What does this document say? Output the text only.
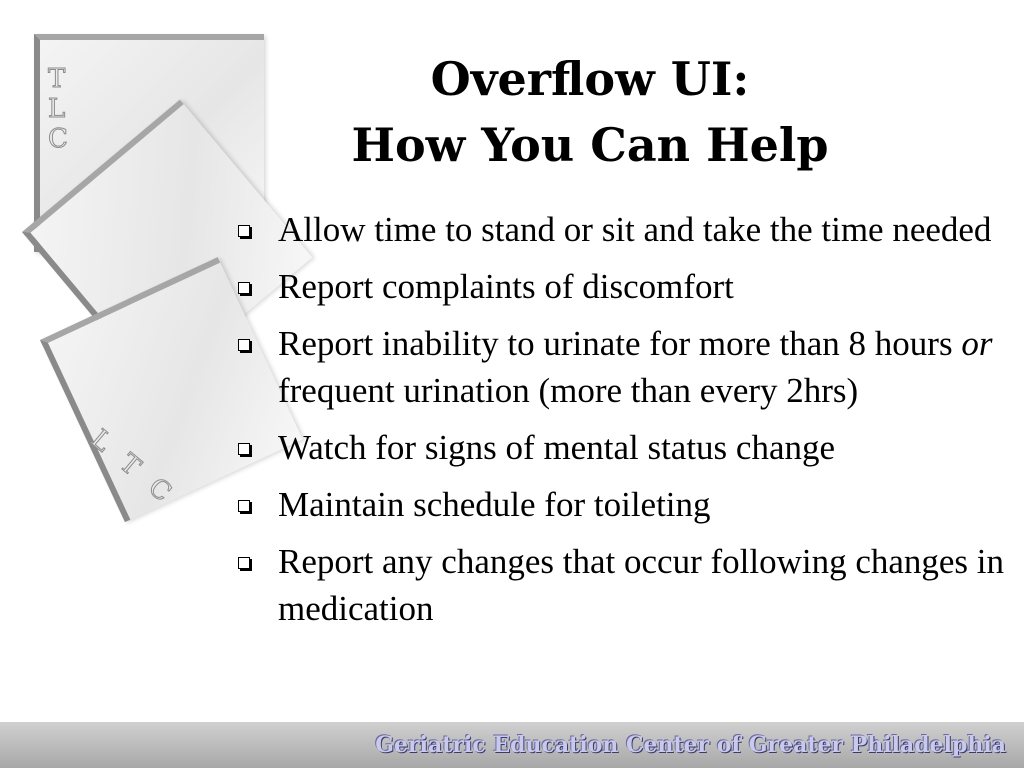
T
L
C
L T C
Overflow UI:
How You Can Help
Allow time to stand or sit and take the time needed
Report complaints of discomfort
Report inability to urinate for more than 8 hours or frequent urination (more than every 2hrs)
Watch for signs of mental status change
Maintain schedule for toileting
Report any changes that occur following changes in medication
Geriatric Education Center of Greater Philadelphia
